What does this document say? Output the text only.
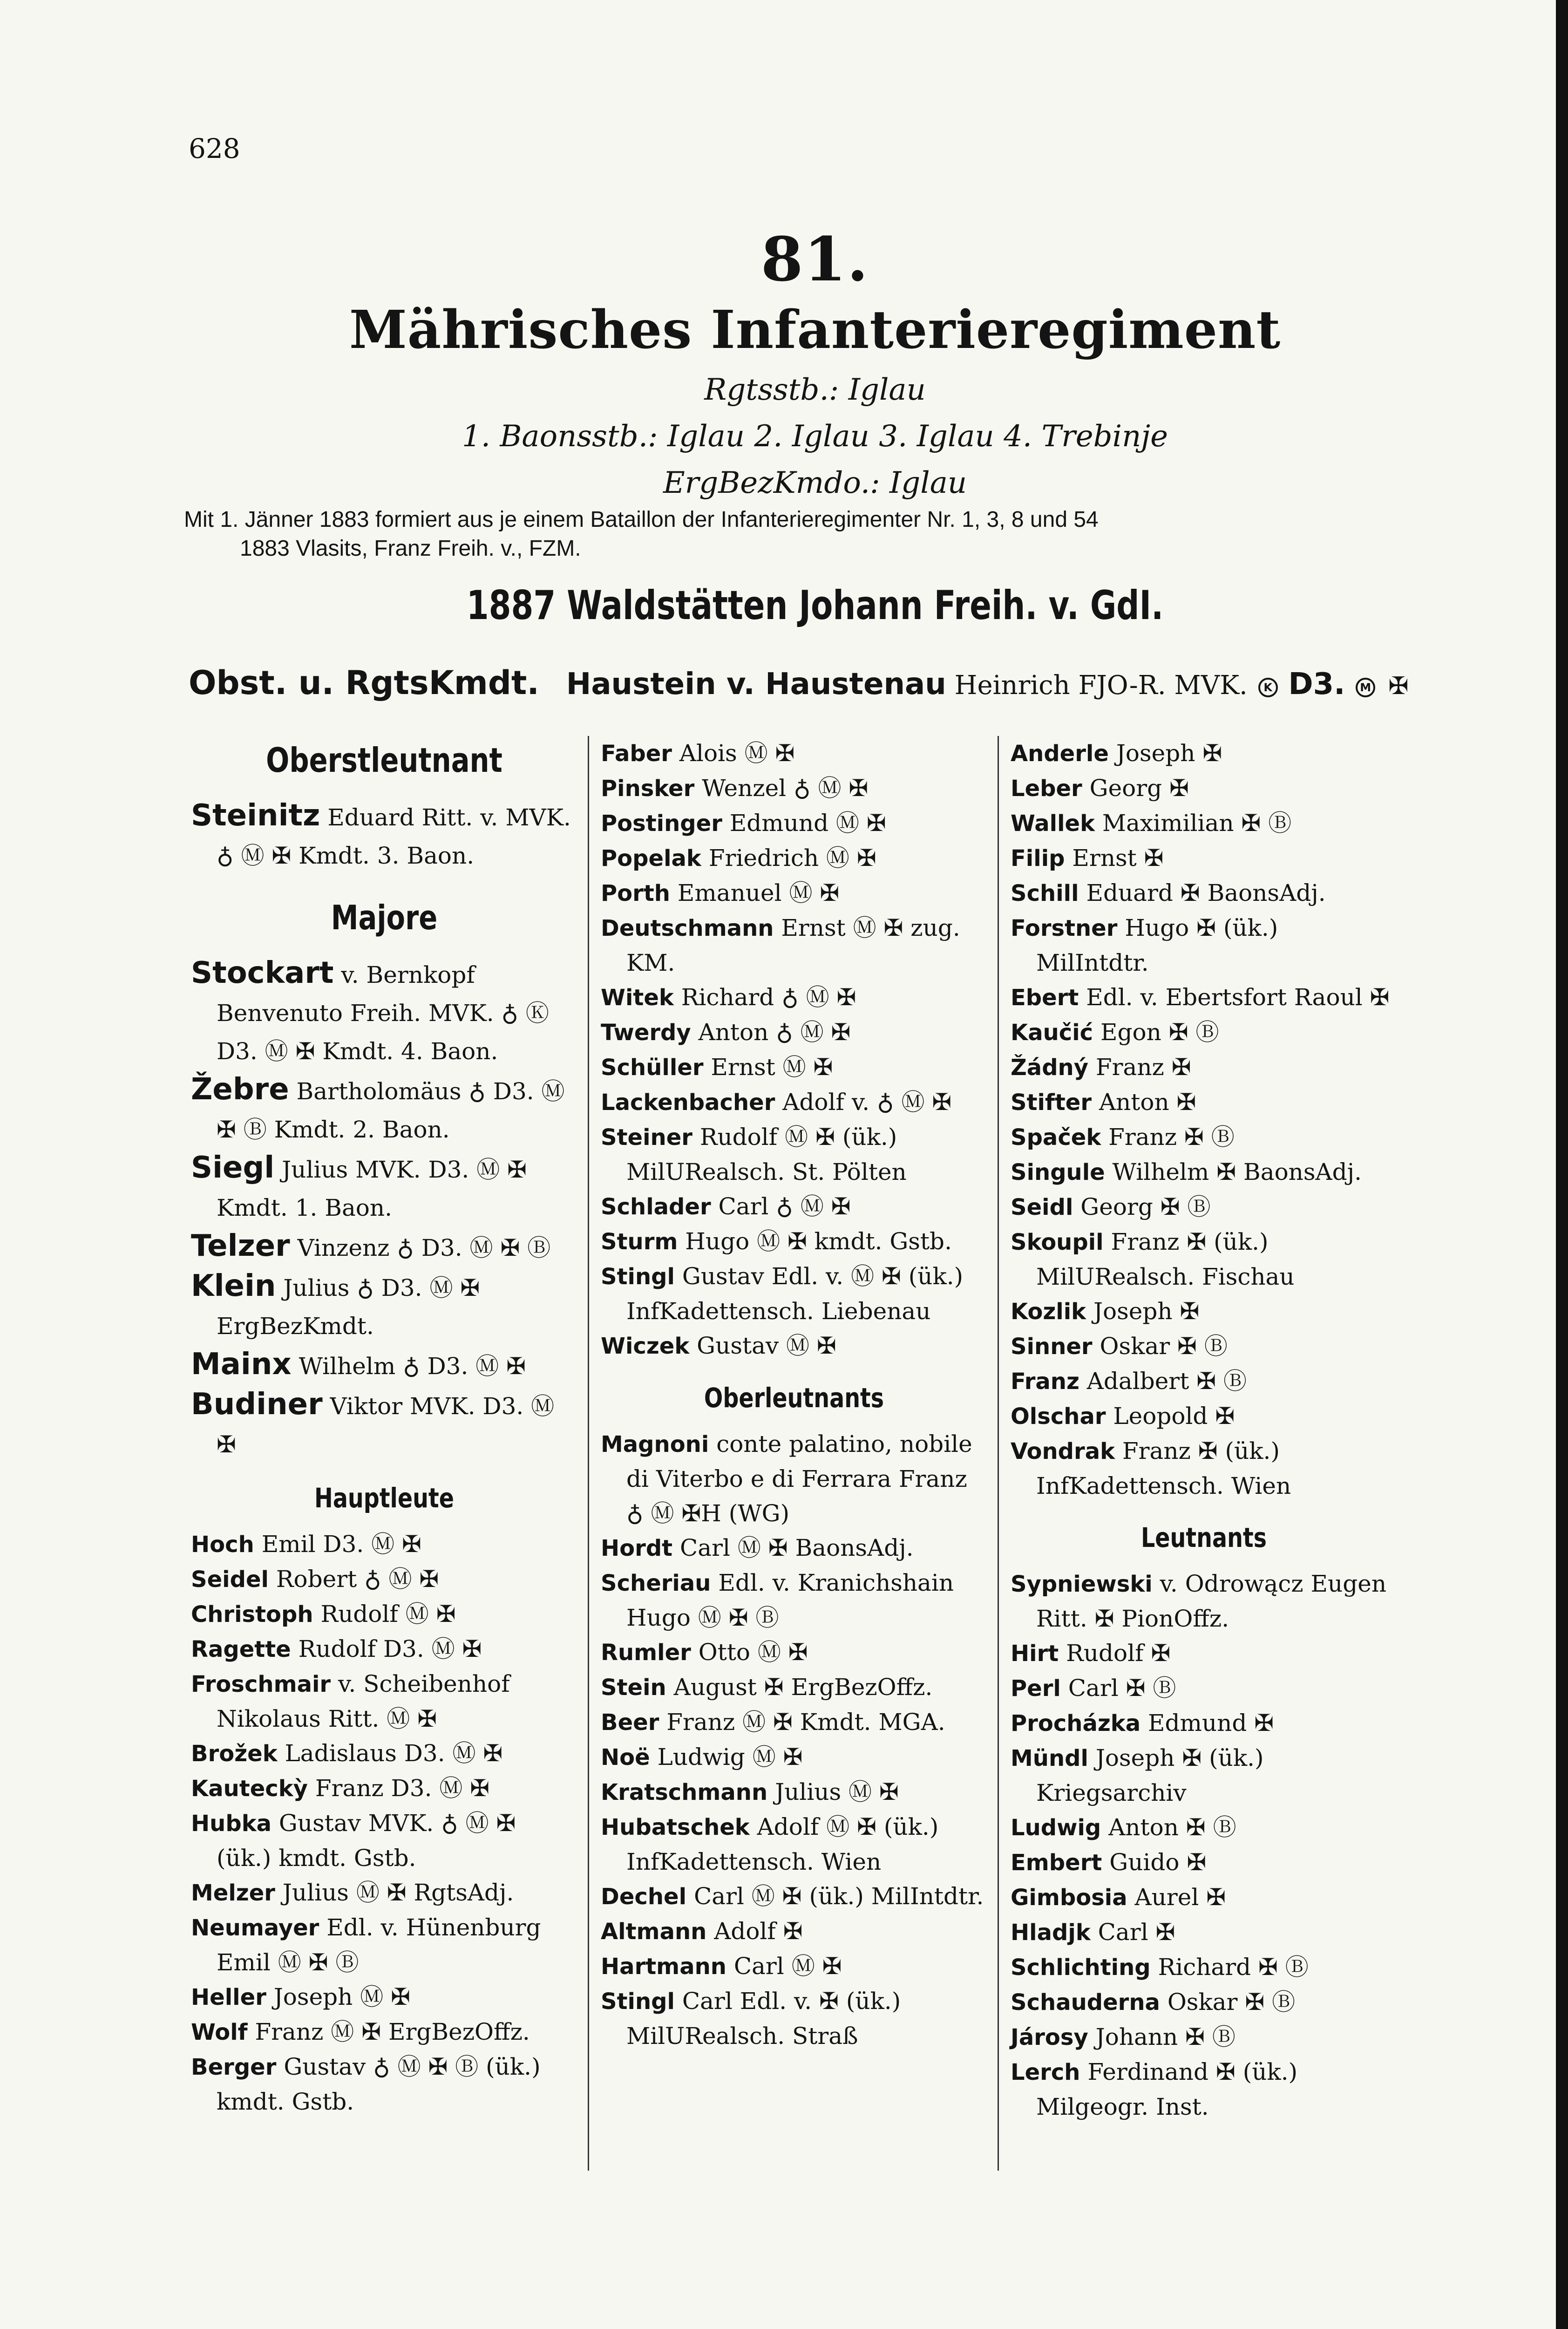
628
81.
Mährisches Infanterieregiment
Rgtsstb.: Iglau
1. Baonsstb.: Iglau 2. Iglau 3. Iglau 4. Trebinje
ErgBezKmdo.: Iglau
Mit 1. Jänner 1883 formiert aus je einem Bataillon der Infanterieregimenter Nr. 1, 3, 8 und 54
1883 Vlasits, Franz Freih. v., FZM.
1887 Waldstätten Johann Freih. v. GdI.
Obst. u. RgtsKmdt. Haustein v. Haustenau Heinrich FJO-R. MVK. K D3. M ✠
Oberstleutnant
Steinitz Eduard Ritt. v. MVK. ♁ Ⓜ ✠ Kmdt. 3. Baon.
Majore
Stockart v. Bernkopf Benvenuto Freih. MVK. ♁ Ⓚ D3. Ⓜ ✠ Kmdt. 4. Baon.
Žebre Bartholomäus ♁ D3. Ⓜ ✠ Ⓑ Kmdt. 2. Baon.
Siegl Julius MVK. D3. Ⓜ ✠ Kmdt. 1. Baon.
Telzer Vinzenz ♁ D3. Ⓜ ✠ Ⓑ
Klein Julius ♁ D3. Ⓜ ✠ ErgBezKmdt.
Mainx Wilhelm ♁ D3. Ⓜ ✠
Budiner Viktor MVK. D3. Ⓜ ✠
Hauptleute
Hoch Emil D3. Ⓜ ✠
Seidel Robert ♁ Ⓜ ✠
Christoph Rudolf Ⓜ ✠
Ragette Rudolf D3. Ⓜ ✠
Froschmair v. Scheibenhof Nikolaus Ritt. Ⓜ ✠
Brožek Ladislaus D3. Ⓜ ✠
Kauteckỳ Franz D3. Ⓜ ✠
Hubka Gustav MVK. ♁ Ⓜ ✠ (ük.) kmdt. Gstb.
Melzer Julius Ⓜ ✠ RgtsAdj.
Neumayer Edl. v. Hünenburg Emil Ⓜ ✠ Ⓑ
Heller Joseph Ⓜ ✠
Wolf Franz Ⓜ ✠ ErgBezOffz.
Berger Gustav ♁ Ⓜ ✠ Ⓑ (ük.) kmdt. Gstb.
Faber Alois Ⓜ ✠
Pinsker Wenzel ♁ Ⓜ ✠
Postinger Edmund Ⓜ ✠
Popelak Friedrich Ⓜ ✠
Porth Emanuel Ⓜ ✠
Deutschmann Ernst Ⓜ ✠ zug. KM.
Witek Richard ♁ Ⓜ ✠
Twerdy Anton ♁ Ⓜ ✠
Schüller Ernst Ⓜ ✠
Lackenbacher Adolf v. ♁ Ⓜ ✠
Steiner Rudolf Ⓜ ✠ (ük.) MilURealsch. St. Pölten
Schlader Carl ♁ Ⓜ ✠
Sturm Hugo Ⓜ ✠ kmdt. Gstb.
Stingl Gustav Edl. v. Ⓜ ✠ (ük.) InfKadettensch. Liebenau
Wiczek Gustav Ⓜ ✠
Oberleutnants
Magnoni conte palatino, nobile di Viterbo e di Ferrara Franz ♁ Ⓜ ✠H (WG)
Hordt Carl Ⓜ ✠ BaonsAdj.
Scheriau Edl. v. Kranichshain Hugo Ⓜ ✠ Ⓑ
Rumler Otto Ⓜ ✠
Stein August ✠ ErgBezOffz.
Beer Franz Ⓜ ✠ Kmdt. MGA.
Noë Ludwig Ⓜ ✠
Kratschmann Julius Ⓜ ✠
Hubatschek Adolf Ⓜ ✠ (ük.) InfKadettensch. Wien
Dechel Carl Ⓜ ✠ (ük.) MilIntdtr.
Altmann Adolf ✠
Hartmann Carl Ⓜ ✠
Stingl Carl Edl. v. ✠ (ük.) MilURealsch. Straß
Anderle Joseph ✠
Leber Georg ✠
Wallek Maximilian ✠ Ⓑ
Filip Ernst ✠
Schill Eduard ✠ BaonsAdj.
Forstner Hugo ✠ (ük.) MilIntdtr.
Ebert Edl. v. Ebertsfort Raoul ✠
Kaučić Egon ✠ Ⓑ
Žádný Franz ✠
Stifter Anton ✠
Spaček Franz ✠ Ⓑ
Singule Wilhelm ✠ BaonsAdj.
Seidl Georg ✠ Ⓑ
Skoupil Franz ✠ (ük.) MilURealsch. Fischau
Kozlik Joseph ✠
Sinner Oskar ✠ Ⓑ
Franz Adalbert ✠ Ⓑ
Olschar Leopold ✠
Vondrak Franz ✠ (ük.) InfKadettensch. Wien
Leutnants
Sypniewski v. Odrowącz Eugen Ritt. ✠ PionOffz.
Hirt Rudolf ✠
Perl Carl ✠ Ⓑ
Procházka Edmund ✠
Mündl Joseph ✠ (ük.) Kriegsarchiv
Ludwig Anton ✠ Ⓑ
Embert Guido ✠
Gimbosia Aurel ✠
Hladjk Carl ✠
Schlichting Richard ✠ Ⓑ
Schauderna Oskar ✠ Ⓑ
Járosy Johann ✠ Ⓑ
Lerch Ferdinand ✠ (ük.) Milgeogr. Inst.
